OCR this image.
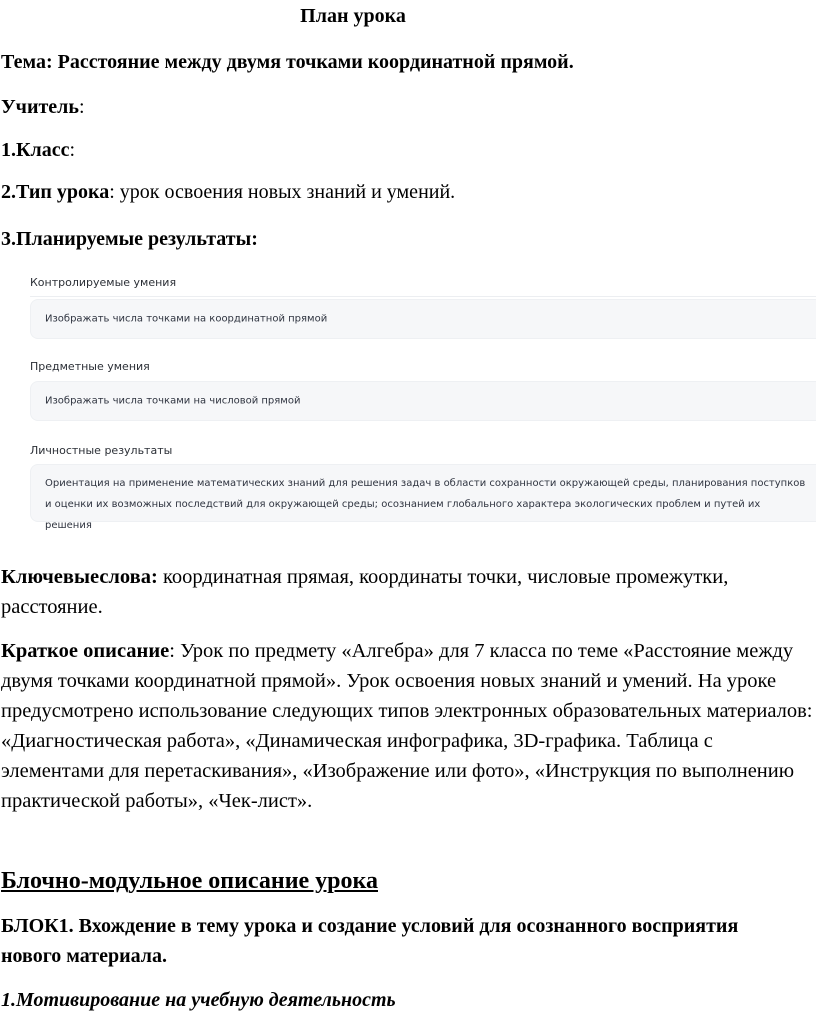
План урока
Тема: Расстояние между двумя точками координатной прямой.
Учитель:
1.Класс:
2.Тип урока: урок освоения новых знаний и умений.
3.Планируемые результаты:
Контролируемые умения
Изображать числа точками на координатной прямой
Предметные умения
Изображать числа точками на числовой прямой
Личностные результаты
Ориентация на применение математических знаний для решения задач в области сохранности окружающей среды, планирования поступков и оценки их возможных последствий для окружающей среды; осознанием глобального характера экологических проблем и путей их решения
Ключевыеслова: координатная прямая, координаты точки, числовые промежутки, расстояние.
Краткое описание: Урок по предмету «Алгебра» для 7 класса по теме «Расстояние между двумя точками координатной прямой». Урок освоения новых знаний и умений. На уроке предусмотрено использование следующих типов электронных образовательных материалов: «Диагностическая работа», «Динамическая инфографика, 3D-графика. Таблица с элементами для перетаскивания», «Изображение или фото», «Инструкция по выполнению практической работы», «Чек-лист».
Блочно-модульное описание урока
БЛОК1. Вхождение в тему урока и создание условий для осознанного восприятия нового материала.
1.Мотивирование на учебную деятельность
